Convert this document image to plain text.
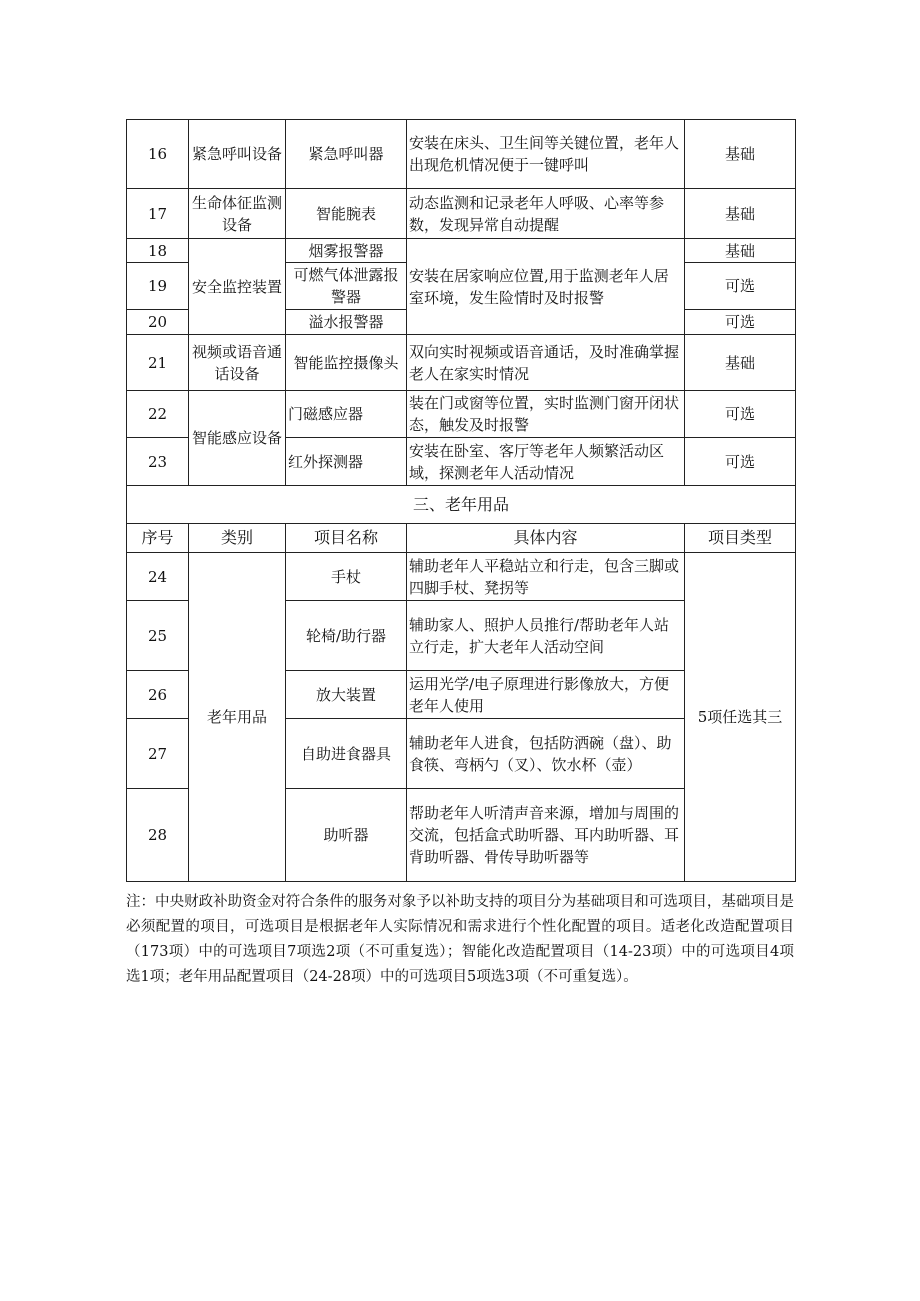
16	紧急呼叫设备	紧急呼叫器	安装在床头、卫生间等关键位置，老年人出现危机情况便于一键呼叫	基础
17	生命体征监测设备	智能腕表	动态监测和记录老年人呼吸、心率等参数，发现异常自动提醒	基础
18	安全监控装置	烟雾报警器	安装在居家响应位置,用于监测老年人居室环境，发生险情时及时报警	基础
19		可燃气体泄露报警器		可选
20		溢水报警器		可选
21	视频或语音通话设备	智能监控摄像头	双向实时视频或语音通话，及时准确掌握老人在家实时情况	基础
22	智能感应设备	门磁感应器	装在门或窗等位置，实时监测门窗开闭状态，触发及时报警	可选
23		红外探测器	安装在卧室、客厅等老年人频繁活动区域，探测老年人活动情况	可选
三、老年用品				
序号	类别	项目名称	具体内容	项目类型
24	老年用品	手杖	辅助老年人平稳站立和行走，包含三脚或四脚手杖、凳拐等	5项任选其三
25		轮椅/助行器	辅助家人、照护人员推行/帮助老年人站立行走，扩大老年人活动空间	
26		放大装置	运用光学/电子原理进行影像放大，方便老年人使用	
27		自助进食器具	辅助老年人进食，包括防洒碗（盘）、助食筷、弯柄勺（叉）、饮水杯（壶）	
28		助听器	帮助老年人听清声音来源，增加与周围的交流，包括盒式助听器、耳内助听器、耳背助听器、骨传导助听器等	
注：中央财政补助资金对符合条件的服务对象予以补助支持的项目分为基础项目和可选项目，基础项目是必须配置的项目，可选项目是根据老年人实际情况和需求进行个性化配置的项目。适老化改造配置项目（173项）中的可选项目7项选2项（不可重复选）；智能化改造配置项目（14-23项）中的可选项目4项选1项；老年用品配置项目（24-28项）中的可选项目5项选3项（不可重复选）。
